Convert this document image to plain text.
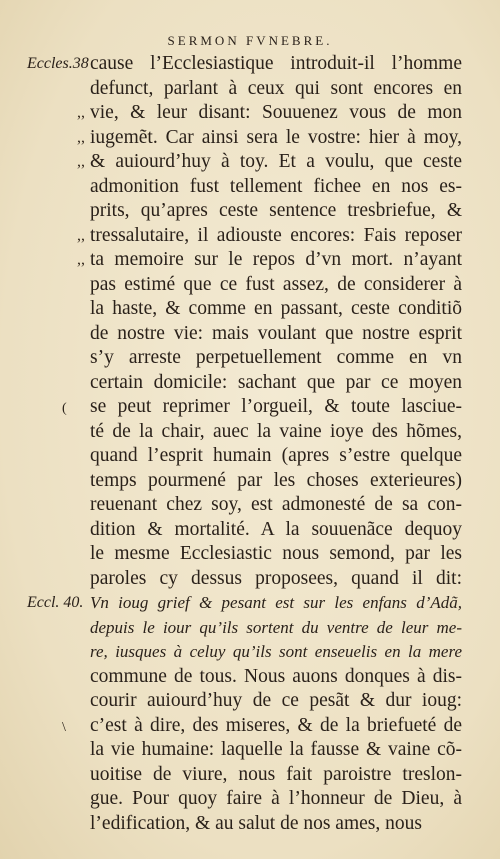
SERMON FVNEBRE.
cause l’Ecclesiastique introduit-il l’homme
Eccles.38
defunct, parlant à ceux qui sont encores en
vie, & leur disant: Souuenez vous de mon
,,
iugemẽt. Car ainsi sera le vostre: hier à moy,
,,
& auiourd’huy à toy. Et a voulu, que ceste
,,
admonition fust tellement fichee en nos es-
prits, qu’apres ceste sentence tresbriefue, &
tressalutaire, il adiouste encores: Fais reposer
,,
ta memoire sur le repos d’vn mort. n’ayant
,,
pas estimé que ce fust assez, de considerer à
la haste, & comme en passant, ceste conditiõ
de nostre vie: mais voulant que nostre esprit
s’y arreste perpetuellement comme en vn
certain domicile: sachant que par ce moyen
se peut reprimer l’orgueil, & toute lasciue-
(
té de la chair, auec la vaine ioye des hõmes,
quand l’esprit humain (apres s’estre quelque
temps pourmené par les choses exterieures)
reuenant chez soy, est admonesté de sa con-
dition & mortalité. A la souuenãce dequoy
le mesme Ecclesiastic nous semond, par les
paroles cy dessus proposees, quand il dit:
Vn ioug grief & pesant est sur les enfans d’Adã,
Eccl. 40.
depuis le iour qu’ils sortent du ventre de leur me-
re, iusques à celuy qu’ils sont enseuelis en la mere
commune de tous. Nous auons donques à dis-
courir auiourd’huy de ce pesãt & dur ioug:
c’est à dire, des miseres, & de la briefueté de
\
la vie humaine: laquelle la fausse & vaine cõ-
uoitise de viure, nous fait paroistre treslon-
gue. Pour quoy faire à l’honneur de Dieu, à
l’edification, & au salut de nos ames, nous
